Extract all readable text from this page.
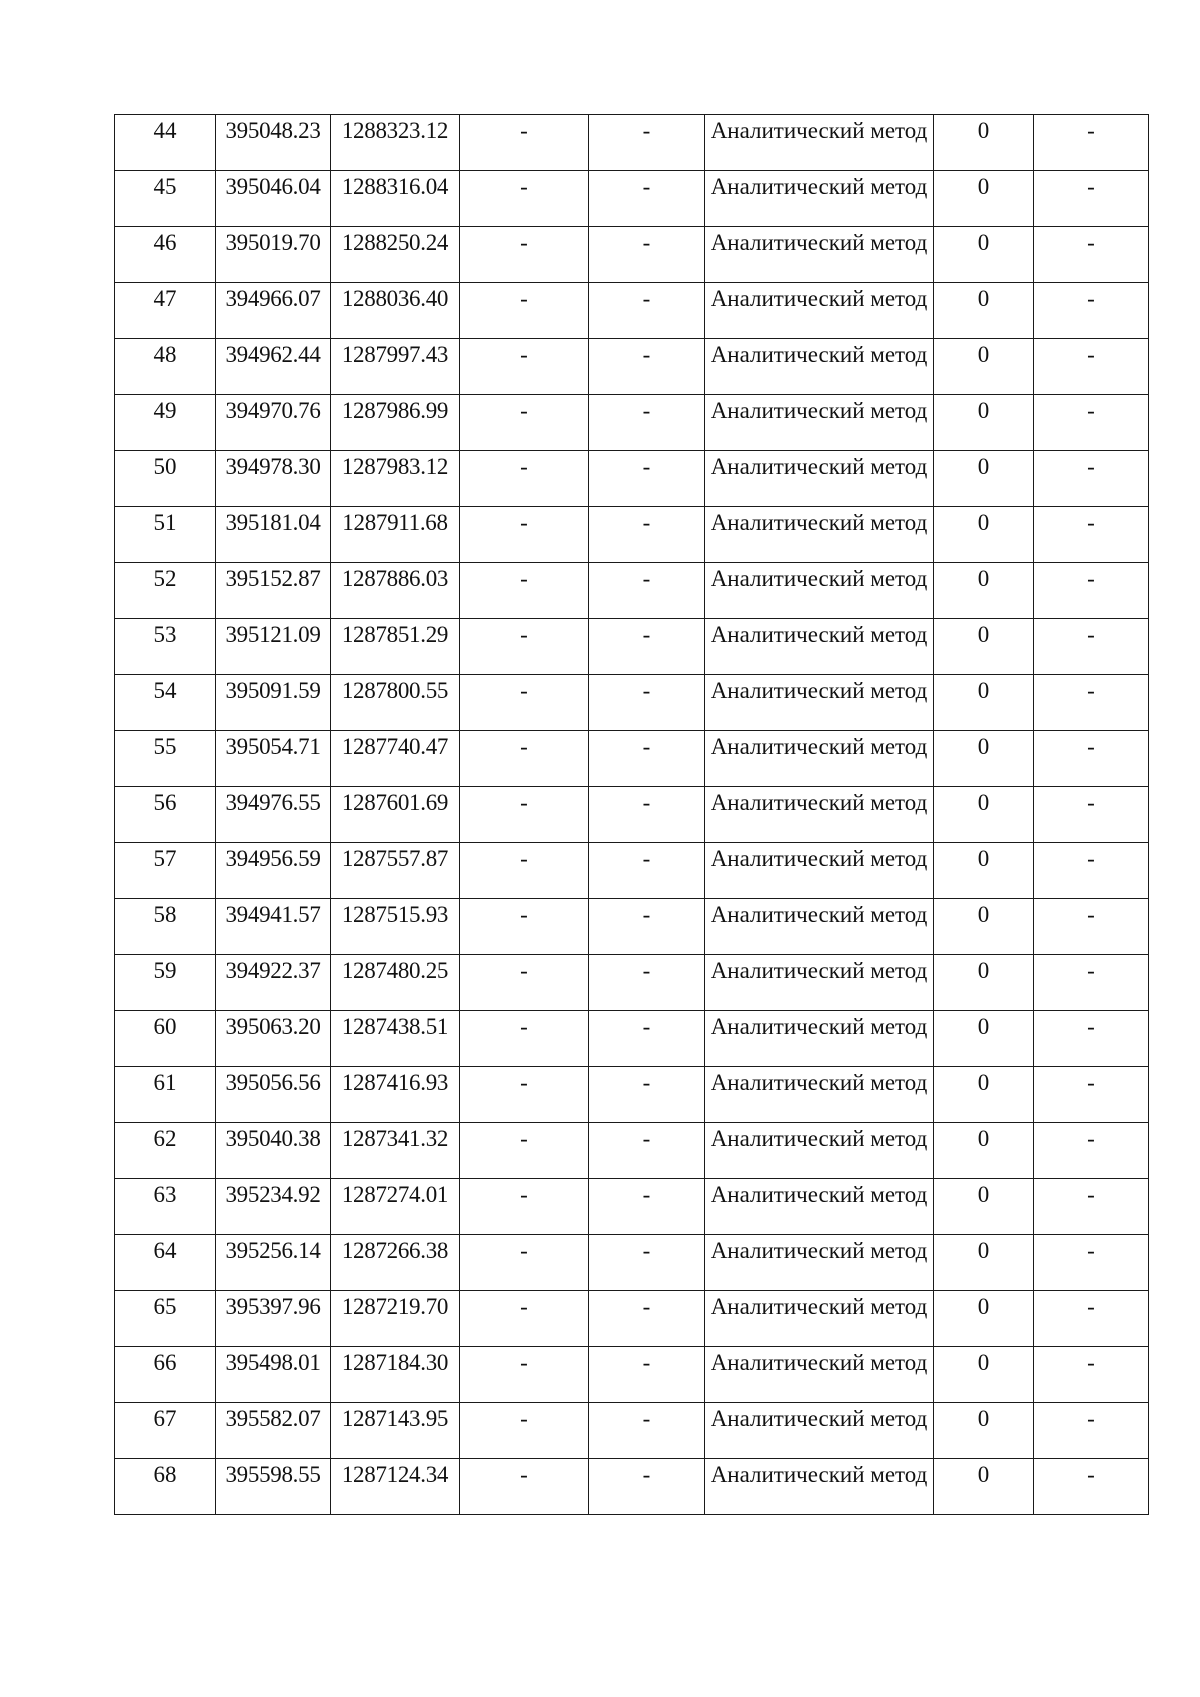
44	395048.23	1288323.12	-	-	Аналитический метод	0	-
45	395046.04	1288316.04	-	-	Аналитический метод	0	-
46	395019.70	1288250.24	-	-	Аналитический метод	0	-
47	394966.07	1288036.40	-	-	Аналитический метод	0	-
48	394962.44	1287997.43	-	-	Аналитический метод	0	-
49	394970.76	1287986.99	-	-	Аналитический метод	0	-
50	394978.30	1287983.12	-	-	Аналитический метод	0	-
51	395181.04	1287911.68	-	-	Аналитический метод	0	-
52	395152.87	1287886.03	-	-	Аналитический метод	0	-
53	395121.09	1287851.29	-	-	Аналитический метод	0	-
54	395091.59	1287800.55	-	-	Аналитический метод	0	-
55	395054.71	1287740.47	-	-	Аналитический метод	0	-
56	394976.55	1287601.69	-	-	Аналитический метод	0	-
57	394956.59	1287557.87	-	-	Аналитический метод	0	-
58	394941.57	1287515.93	-	-	Аналитический метод	0	-
59	394922.37	1287480.25	-	-	Аналитический метод	0	-
60	395063.20	1287438.51	-	-	Аналитический метод	0	-
61	395056.56	1287416.93	-	-	Аналитический метод	0	-
62	395040.38	1287341.32	-	-	Аналитический метод	0	-
63	395234.92	1287274.01	-	-	Аналитический метод	0	-
64	395256.14	1287266.38	-	-	Аналитический метод	0	-
65	395397.96	1287219.70	-	-	Аналитический метод	0	-
66	395498.01	1287184.30	-	-	Аналитический метод	0	-
67	395582.07	1287143.95	-	-	Аналитический метод	0	-
68	395598.55	1287124.34	-	-	Аналитический метод	0	-
